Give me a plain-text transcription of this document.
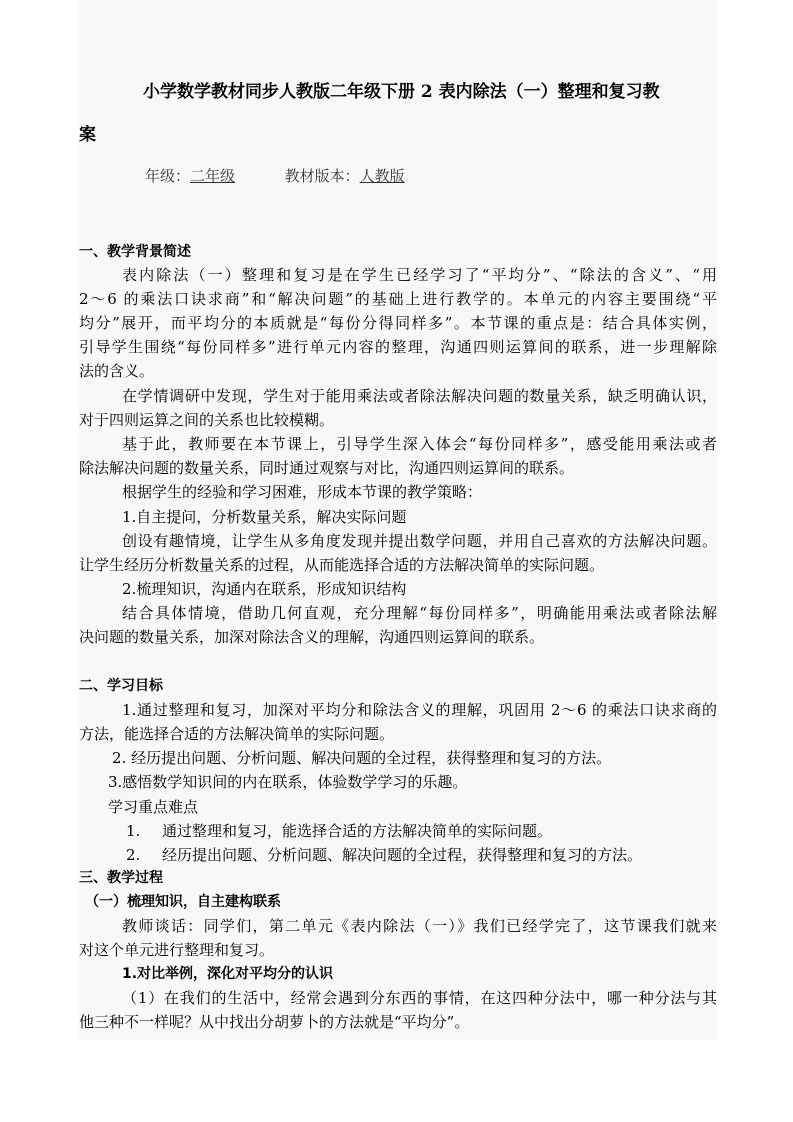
小学数学教材同步人教版二年级下册 2 表内除法（一）整理和复习教
案
年级：二年级	教材版本：人教版
一、教学背景简述
表内除法（一）整理和复习是在学生已经学习了“平均分”、“除法的含义”、“用
2～6 的乘法口诀求商”和“解决问题”的基础上进行教学的。本单元的内容主要围绕“平
均分”展开，而平均分的本质就是“每份分得同样多”。本节课的重点是：结合具体实例，
引导学生围绕“每份同样多”进行单元内容的整理，沟通四则运算间的联系，进一步理解除
法的含义。
在学情调研中发现，学生对于能用乘法或者除法解决问题的数量关系，缺乏明确认识，
对于四则运算之间的关系也比较模糊。
基于此，教师要在本节课上，引导学生深入体会“每份同样多”，感受能用乘法或者
除法解决问题的数量关系，同时通过观察与对比，沟通四则运算间的联系。
根据学生的经验和学习困难，形成本节课的教学策略：
1.自主提问，分析数量关系，解决实际问题
创设有趣情境，让学生从多角度发现并提出数学问题，并用自己喜欢的方法解决问题。
让学生经历分析数量关系的过程，从而能选择合适的方法解决简单的实际问题。
2.梳理知识，沟通内在联系，形成知识结构
结合具体情境，借助几何直观，充分理解“每份同样多”，明确能用乘法或者除法解
决问题的数量关系，加深对除法含义的理解，沟通四则运算间的联系。
二、学习目标
1.通过整理和复习，加深对平均分和除法含义的理解，巩固用 2～6 的乘法口诀求商的
方法，能选择合适的方法解决简单的实际问题。
2. 经历提出问题、分析问题、解决问题的全过程，获得整理和复习的方法。
3.感悟数学知识间的内在联系，体验数学学习的乐趣。
学习重点难点
1. 通过整理和复习，能选择合适的方法解决简单的实际问题。
2. 经历提出问题、分析问题、解决问题的全过程，获得整理和复习的方法。
三、教学过程
（一）梳理知识，自主建构联系
教师谈话：同学们，第二单元《表内除法（一）》我们已经学完了，这节课我们就来
对这个单元进行整理和复习。
1.对比举例，深化对平均分的认识
（1）在我们的生活中，经常会遇到分东西的事情，在这四种分法中，哪一种分法与其
他三种不一样呢？从中找出分胡萝卜的方法就是“平均分”。
